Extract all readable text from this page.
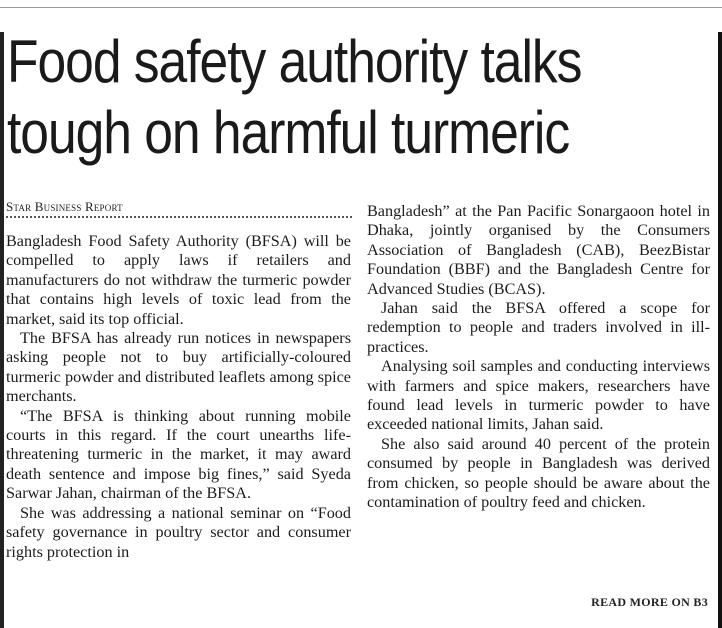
Food safety authority talks
tough on harmful turmeric
Star Business Report

Bangladesh Food Safety Authority (BFSA) will be compelled to apply laws if retailers and manufacturers do not withdraw the turmeric powder that contains high levels of toxic lead from the market, said its top official.

The BFSA has already run notices in newspapers asking people not to buy artificially-coloured turmeric powder and distributed leaflets among spice merchants.

“The BFSA is thinking about running mobile courts in this regard. If the court unearths life-threatening turmeric in the market, it may award death sentence and impose big fines,” said Syeda Sarwar Jahan, chairman of the BFSA.

She was addressing a national seminar on “Food safety governance in poultry sector and consumer rights protection in

Bangladesh” at the Pan Pacific Sonargaoon hotel in Dhaka, jointly organised by the Consumers Association of Bangladesh (CAB), BeezBistar Foundation (BBF) and the Bangladesh Centre for Advanced Studies (BCAS).

Jahan said the BFSA offered a scope for redemption to people and traders involved in ill-practices.

Analysing soil samples and conducting interviews with farmers and spice makers, researchers have found lead levels in turmeric powder to have exceeded national limits, Jahan said.

She also said around 40 percent of the protein consumed by people in Bangladesh was derived from chicken, so people should be aware about the contamination of poultry feed and chicken.

READ MORE ON B3
